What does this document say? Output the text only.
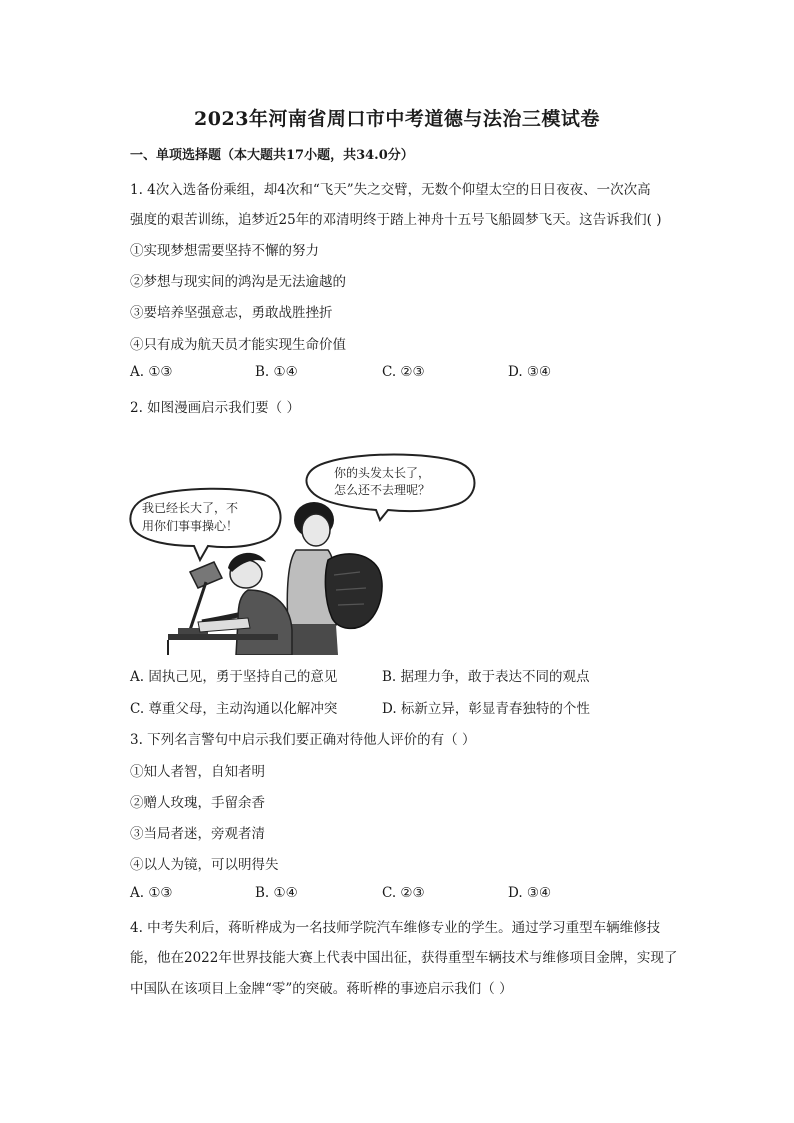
2023年河南省周口市中考道德与法治三模试卷
一、单项选择题（本大题共17小题，共34.0分）
1. 4次入选备份乘组，却4次和“飞天”失之交臂，无数个仰望太空的日日夜夜、一次次高
强度的艰苦训练，追梦近25年的邓清明终于踏上神舟十五号飞船圆梦飞天。这告诉我们( )
①实现梦想需要坚持不懈的努力
②梦想与现实间的鸿沟是无法逾越的
③要培养坚强意志，勇敢战胜挫折
④只有成为航天员才能实现生命价值
A. ①③	B. ①④	C. ②③	D. ③④
2. 如图漫画启示我们要（ ）
你的头发太长了，
怎么还不去理呢？
我已经长大了，不
用你们事事操心！
A. 固执己见，勇于坚持自己的意见	B. 据理力争，敢于表达不同的观点
C. 尊重父母，主动沟通以化解冲突	D. 标新立异，彰显青春独特的个性
3. 下列名言警句中启示我们要正确对待他人评价的有（ ）
①知人者智，自知者明
②赠人玫瑰，手留余香
③当局者迷，旁观者清
④以人为镜，可以明得失
A. ①③	B. ①④	C. ②③	D. ③④
4. 中考失利后，蒋昕桦成为一名技师学院汽车维修专业的学生。通过学习重型车辆维修技
能，他在2022年世界技能大赛上代表中国出征，获得重型车辆技术与维修项目金牌，实现了
中国队在该项目上金牌“零”的突破。蒋昕桦的事迹启示我们（ ）
